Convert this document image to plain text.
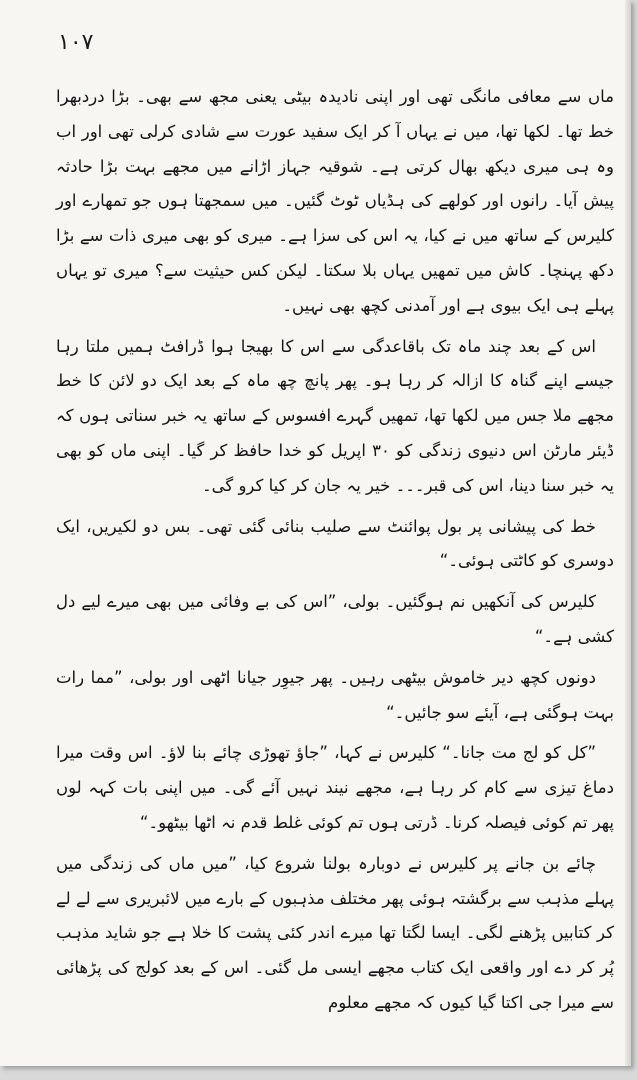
۱۰۷

ماں سے معافی مانگی تھی اور اپنی نادیدہ بیٹی یعنی مجھ سے بھی۔ بڑا دردبھرا خط تھا۔ لکھا تھا، میں نے یہاں آ کر ایک سفید عورت سے شادی کرلی تھی اور اب وہ ہی میری دیکھ بھال کرتی ہے۔ شوقیہ جہاز اڑانے میں مجھے بہت بڑا حادثہ پیش آیا۔ رانوں اور کولھے کی ہڈیاں ٹوٹ گئیں۔ میں سمجھتا ہوں جو تمھارے اور کلیرس کے ساتھ میں نے کیا، یہ اس کی سزا ہے۔ میری کو بھی میری ذات سے بڑا دکھ پہنچا۔ کاش میں تمھیں یہاں بلا سکتا۔ لیکن کس حیثیت سے؟ میری تو یہاں پہلے ہی ایک بیوی ہے اور آمدنی کچھ بھی نہیں۔

اس کے بعد چند ماہ تک باقاعدگی سے اس کا بھیجا ہوا ڈرافٹ ہمیں ملتا رہا جیسے اپنے گناہ کا ازالہ کر رہا ہو۔ پھر پانچ چھ ماہ کے بعد ایک دو لائن کا خط مجھے ملا جس میں لکھا تھا، تمھیں گہرے افسوس کے ساتھ یہ خبر سناتی ہوں کہ ڈیئر مارٹن اس دنیوی زندگی کو ۳۰ اپریل کو خدا حافظ کر گیا۔ اپنی ماں کو بھی یہ خبر سنا دینا، اس کی قبر۔۔۔ خیر یہ جان کر کیا کرو گی۔

خط کی پیشانی پر بول پوائنٹ سے صلیب بنائی گئی تھی۔ بس دو لکیریں، ایک دوسری کو کاٹتی ہوئی۔“

کلیرس کی آنکھیں نم ہوگئیں۔ بولی، ”اس کی بے وفائی میں بھی میرے لیے دل کشی ہے۔“

دونوں کچھ دیر خاموش بیٹھی رہیں۔ پھر جیوِر جیانا اٹھی اور بولی، ”مما رات بہت ہوگئی ہے، آیئے سو جائیں۔“

”کل کو لج مت جانا۔“ کلیرس نے کہا، ”جاؤ تھوڑی چائے بنا لاؤ۔ اس وقت میرا دماغ تیزی سے کام کر رہا ہے، مجھے نیند نہیں آئے گی۔ میں اپنی بات کہہ لوں پھر تم کوئی فیصلہ کرنا۔ ڈرتی ہوں تم کوئی غلط قدم نہ اٹھا بیٹھو۔“

چائے بن جانے پر کلیرس نے دوبارہ بولنا شروع کیا، ”میں ماں کی زندگی میں پہلے مذہب سے برگشتہ ہوئی پھر مختلف مذہبوں کے بارے میں لائبریری سے لے لے کر کتابیں پڑھنے لگی۔ ایسا لگتا تھا میرے اندر کئی پشت کا خلا ہے جو شاید مذہب پُر کر دے اور واقعی ایک کتاب مجھے ایسی مل گئی۔ اس کے بعد کولج کی پڑھائی سے میرا جی اکتا گیا کیوں کہ مجھے معلوم
